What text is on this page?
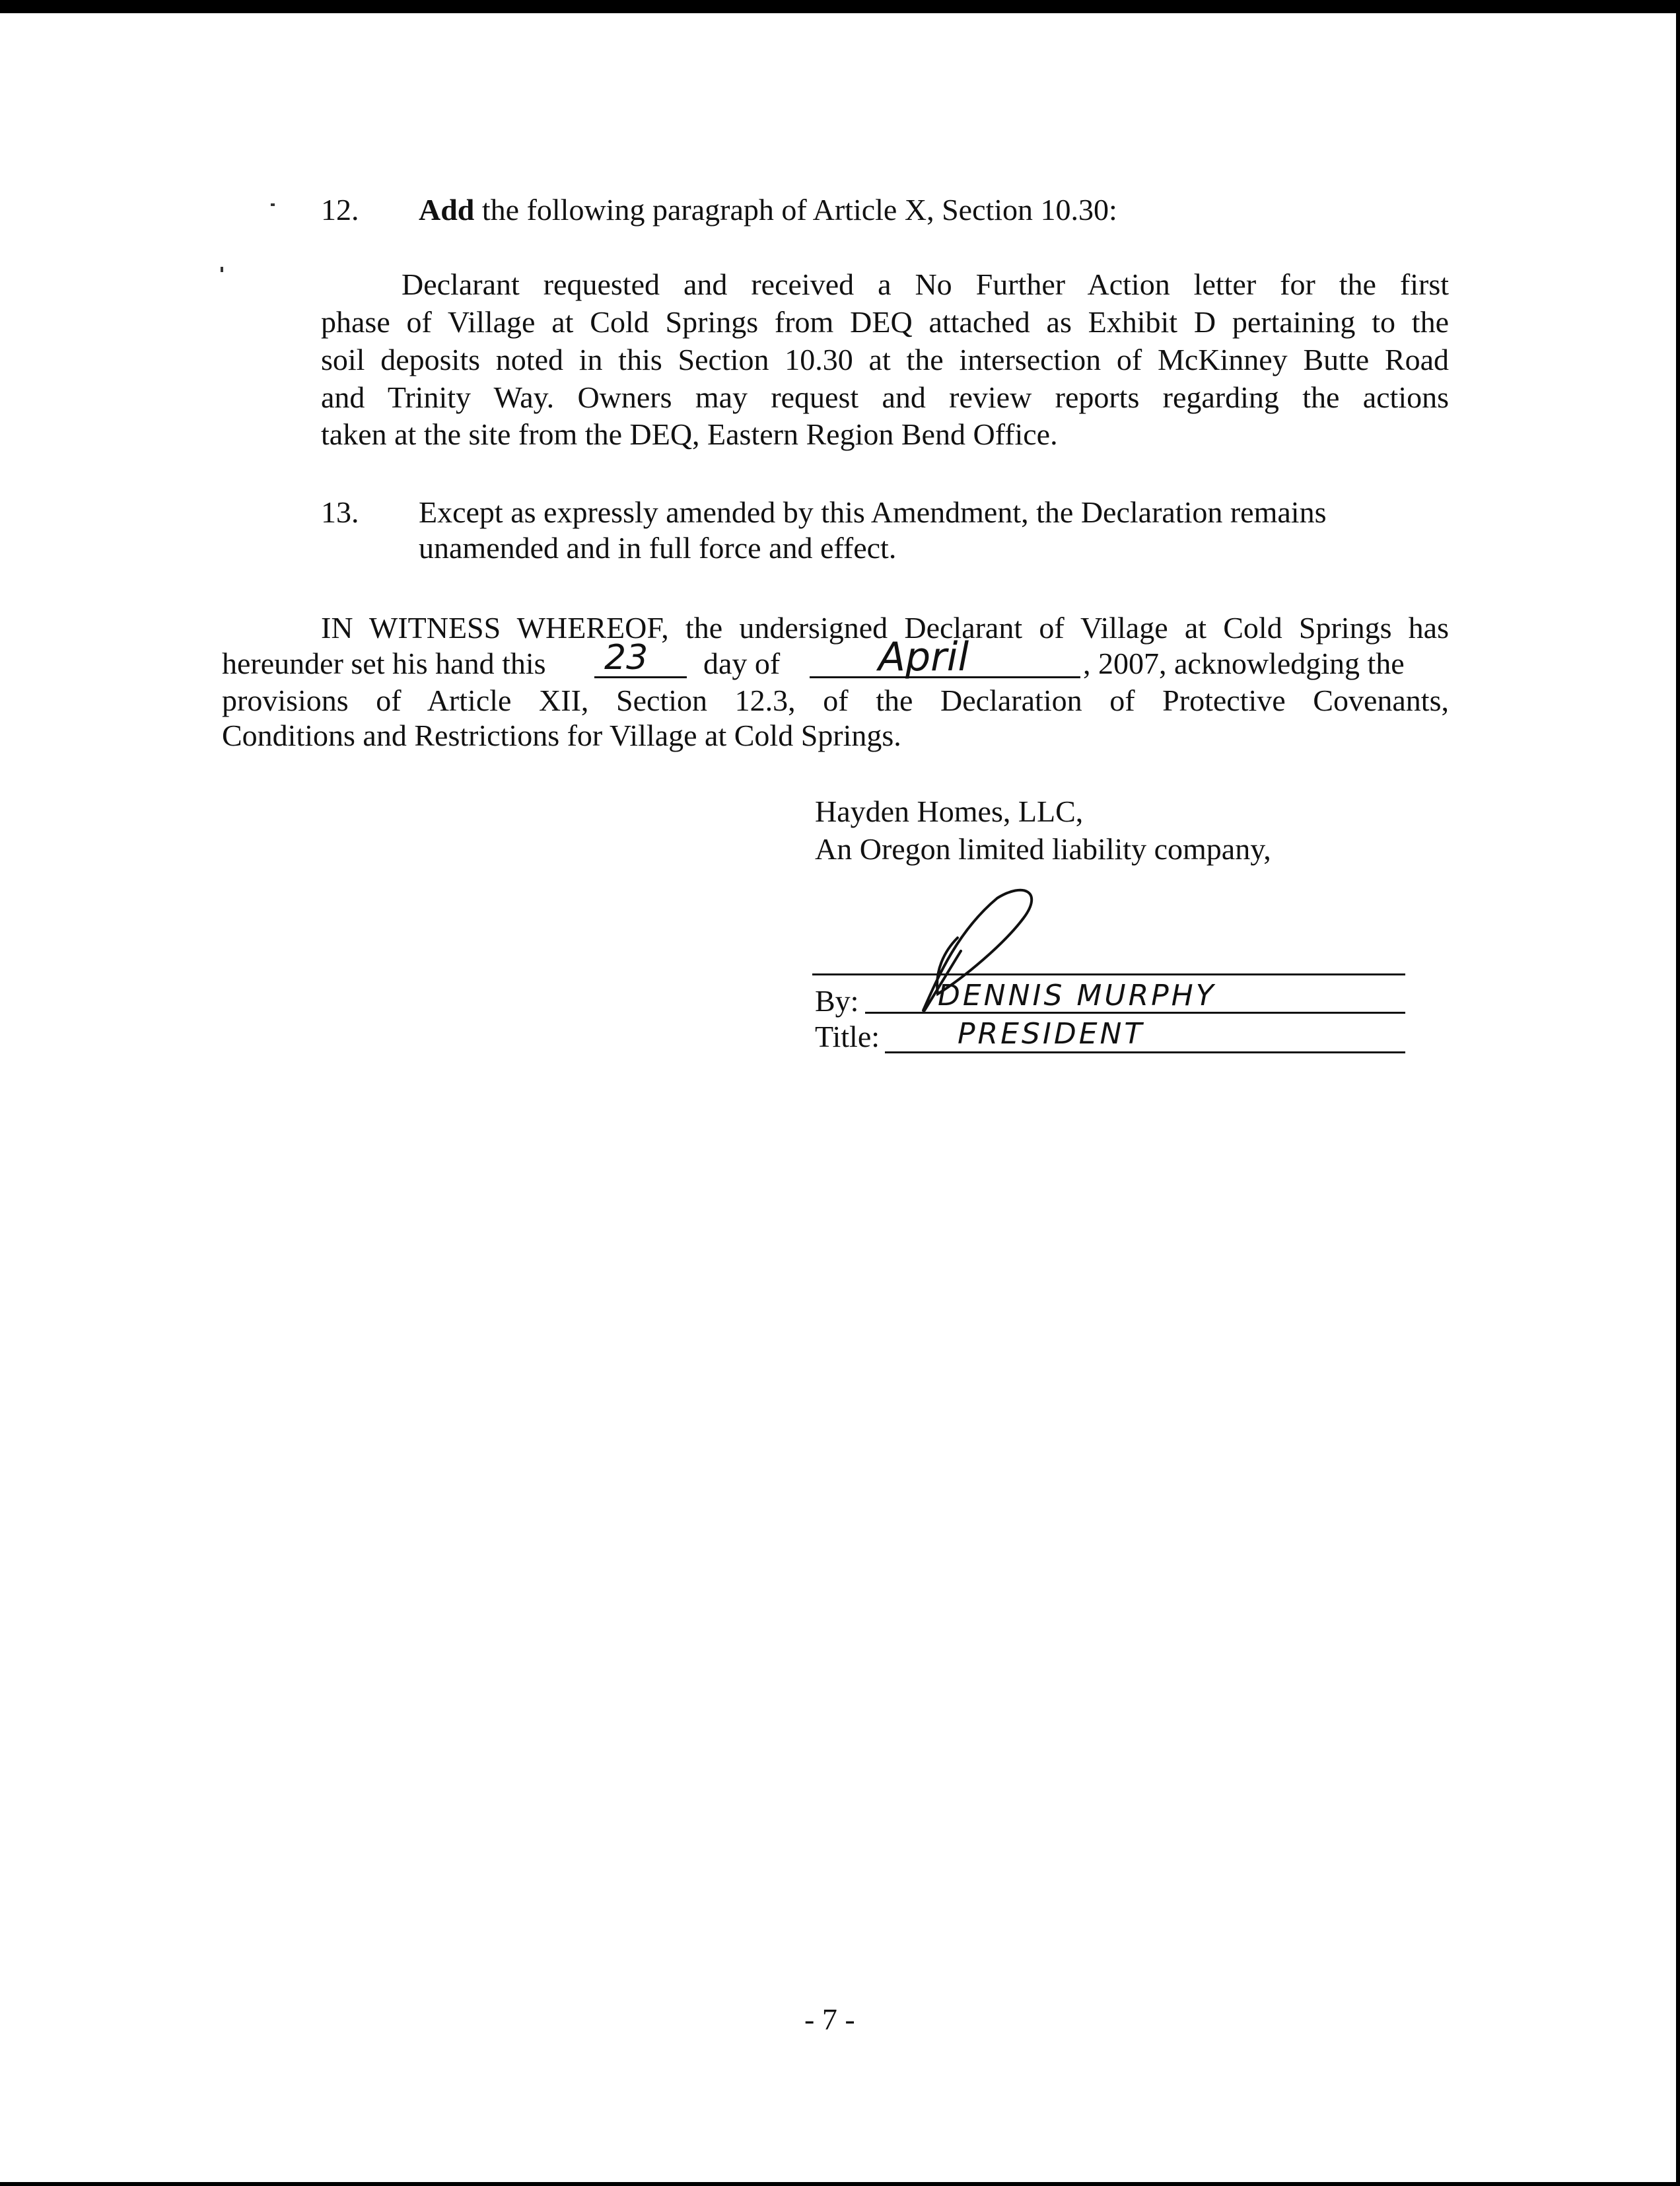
12. Add the following paragraph of Article X, Section 10.30:
Declarant requested and received a No Further Action letter for the first
phase of Village at Cold Springs from DEQ attached as Exhibit D pertaining to the
soil deposits noted in this Section 10.30 at the intersection of McKinney Butte Road
and Trinity Way. Owners may request and review reports regarding the actions
taken at the site from the DEQ, Eastern Region Bend Office.
13. Except as expressly amended by this Amendment, the Declaration remains
unamended and in full force and effect.
IN WITNESS WHEREOF, the undersigned Declarant of Village at Cold Springs has
hereunder set his hand this 23 day of April	, 2007, acknowledging the
provisions of Article XII, Section 12.3, of the Declaration of Protective Covenants,
Conditions and Restrictions for Village at Cold Springs.
Hayden Homes, LLC,
An Oregon limited liability company,
By:	DENNIS MURPHY
Title:	PRESIDENT
- 7 -
